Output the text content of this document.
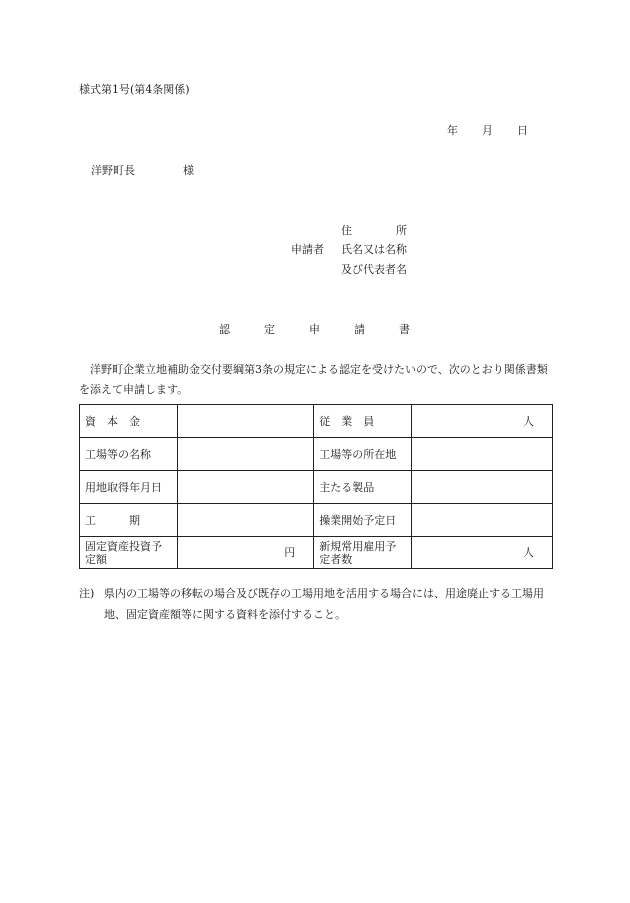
様式第1号(第4条関係)
年 月 日
洋野町長	様
申請者
住	所
氏名又は名称
及び代表者名
認	定	申	請	書
洋野町企業立地補助金交付要綱第3条の規定による認定を受けたいので、次のとおり関係書類を添えて申請します。
資　本　金		従　業　員	人
工場等の名称		工場等の所在地	
用地取得年月日		主たる製品	
工　　　期		操業開始予定日	
固定資産投資予定額	円	新規常用雇用予定者数	人
注) 県内の工場等の移転の場合及び既存の工場用地を活用する場合には、用途廃止する工場用地、固定資産額等に関する資料を添付すること。
